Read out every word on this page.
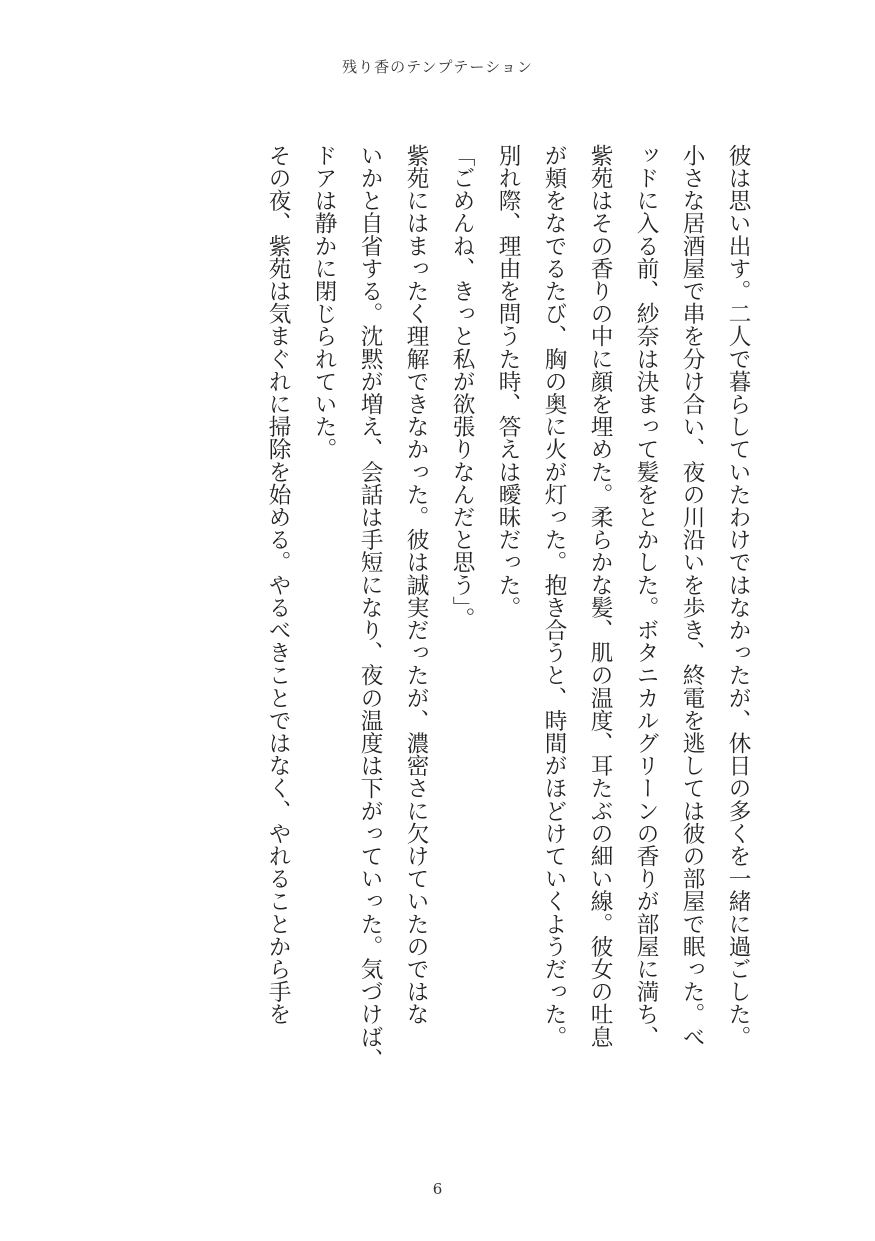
残り香のテンプテーション
彼は思い出す。二人で暮らしていたわけではなかったが、休日の多くを一緒に過ごした。
小さな居酒屋で串を分け合い、夜の川沿いを歩き、終電を逃しては彼の部屋で眠った。べ
ッドに入る前、紗奈は決まって髪をとかした。ボタニカルグリーンの香りが部屋に満ち、
紫苑はその香りの中に顔を埋めた。柔らかな髪、肌の温度、耳たぶの細い線。彼女の吐息
が頬をなでるたび、胸の奥に火が灯った。抱き合うと、時間がほどけていくようだった。
別れ際、理由を問うた時、答えは曖昧だった。
「ごめんね、きっと私が欲張りなんだと思う」。
紫苑にはまったく理解できなかった。彼は誠実だったが、濃密さに欠けていたのではな
いかと自省する。沈黙が増え、会話は手短になり、夜の温度は下がっていった。気づけば、
ドアは静かに閉じられていた。
その夜、紫苑は気まぐれに掃除を始める。やるべきことではなく、やれることから手を
6
